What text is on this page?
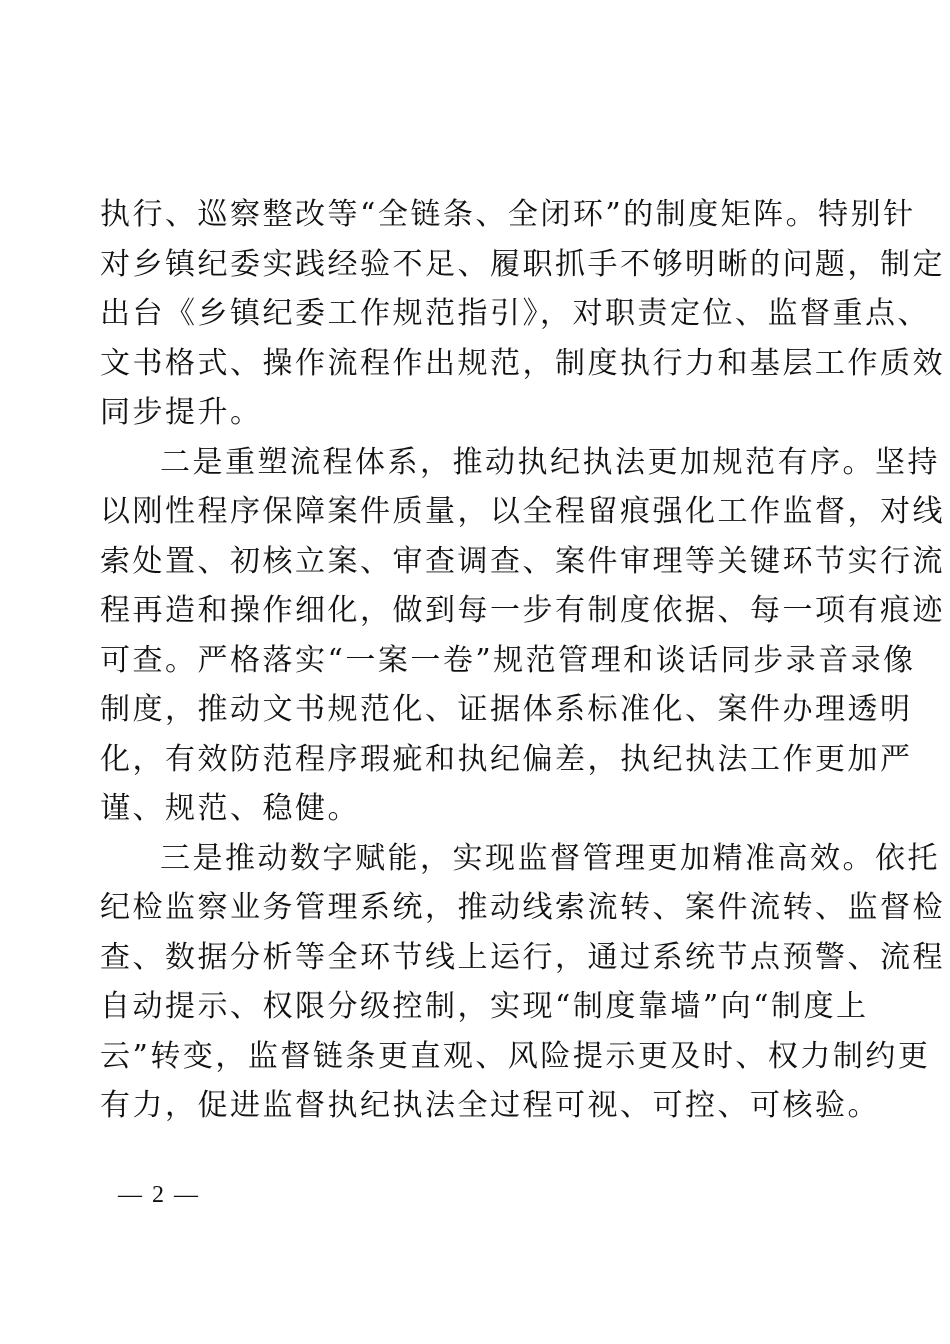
执行、巡察整改等“全链条、全闭环”的制度矩阵。特别针
对乡镇纪委实践经验不足、履职抓手不够明晰的问题，制定
出台《乡镇纪委工作规范指引》，对职责定位、监督重点、
文书格式、操作流程作出规范，制度执行力和基层工作质效
同步提升。
二是重塑流程体系，推动执纪执法更加规范有序。坚持
以刚性程序保障案件质量，以全程留痕强化工作监督，对线
索处置、初核立案、审查调查、案件审理等关键环节实行流
程再造和操作细化，做到每一步有制度依据、每一项有痕迹
可查。严格落实“一案一卷”规范管理和谈话同步录音录像
制度，推动文书规范化、证据体系标准化、案件办理透明
化，有效防范程序瑕疵和执纪偏差，执纪执法工作更加严
谨、规范、稳健。
三是推动数字赋能，实现监督管理更加精准高效。依托
纪检监察业务管理系统，推动线索流转、案件流转、监督检
查、数据分析等全环节线上运行，通过系统节点预警、流程
自动提示、权限分级控制，实现“制度靠墙”向“制度上
云”转变，监督链条更直观、风险提示更及时、权力制约更
有力，促进监督执纪执法全过程可视、可控、可核验。
— 2 —
